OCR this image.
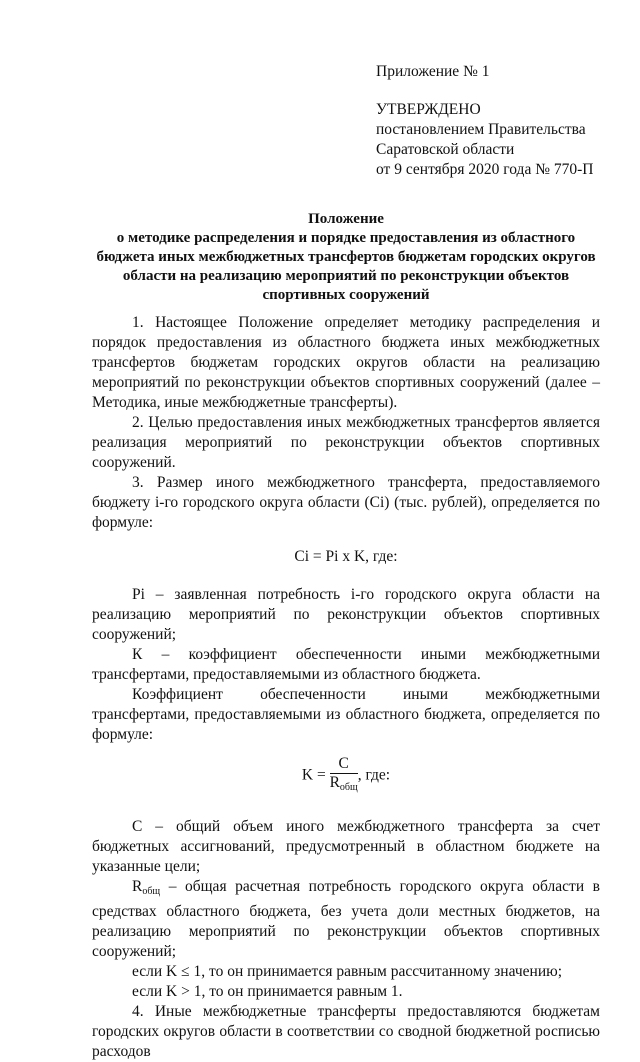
Приложение № 1
УТВЕРЖДЕНО
постановлением Правительства
Саратовской области
от 9 сентября 2020 года № 770-П
Положение
о методике распределения и порядке предоставления из областного бюджета иных межбюджетных трансфертов бюджетам городских округов области на реализацию мероприятий по реконструкции объектов спортивных сооружений

1. Настоящее Положение определяет методику распределения и порядок предоставления из областного бюджета иных межбюджетных трансфертов бюджетам городских округов области на реализацию мероприятий по реконструкции объектов спортивных сооружений (далее – Методика, иные межбюджетные трансферты).

2. Целью предоставления иных межбюджетных трансфертов является реализация мероприятий по реконструкции объектов спортивных сооружений.

3. Размер иного межбюджетного трансферта, предоставляемого бюджету i-го городского округа области (Ci) (тыс. рублей), определяется по формуле:

Ci = Pi x K, где:

Pi – заявленная потребность i-го городского округа области на реализацию мероприятий по реконструкции объектов спортивных сооружений;

К – коэффициент обеспеченности иными межбюджетными трансфертами, предоставляемыми из областного бюджета.

Коэффициент обеспеченности иными межбюджетными трансфертами, предоставляемыми из областного бюджета, определяется по формуле:

$K = \frac{C}{R_{общ}}$ , где:

С – общий объем иного межбюджетного трансферта за счет бюджетных ассигнований, предусмотренный в областном бюджете на указанные цели;

$R_{общ}$ – общая расчетная потребность городского округа области в средствах областного бюджета, без учета доли местных бюджетов, на реализацию мероприятий по реконструкции объектов спортивных сооружений;

если K ≤ 1, то он принимается равным рассчитанному значению;

если K > 1, то он принимается равным 1.

4. Иные межбюджетные трансферты предоставляются бюджетам городских округов области в соответствии со сводной бюджетной росписью расходов
